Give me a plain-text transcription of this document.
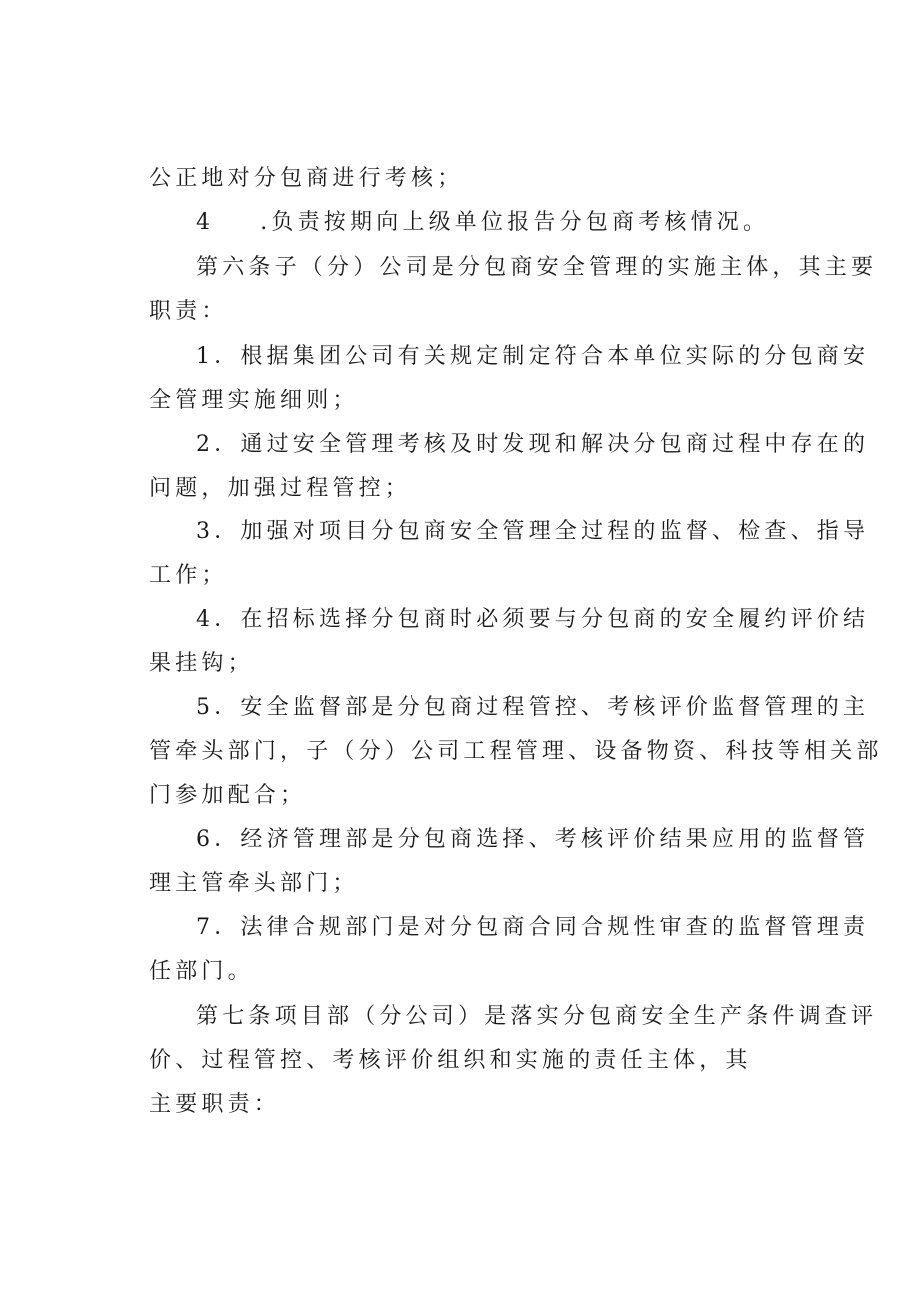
公正地对分包商进行考核；
4 .负责按期向上级单位报告分包商考核情况。
第六条子（分）公司是分包商安全管理的实施主体，其主要
职责：
1．根据集团公司有关规定制定符合本单位实际的分包商安
全管理实施细则；
2．通过安全管理考核及时发现和解决分包商过程中存在的
问题，加强过程管控；
3．加强对项目分包商安全管理全过程的监督、检查、指导
工作；
4．在招标选择分包商时必须要与分包商的安全履约评价结
果挂钩；
5．安全监督部是分包商过程管控、考核评价监督管理的主
管牵头部门，子（分）公司工程管理、设备物资、科技等相关部
门参加配合；
6．经济管理部是分包商选择、考核评价结果应用的监督管
理主管牵头部门；
7．法律合规部门是对分包商合同合规性审查的监督管理责
任部门。
第七条项目部（分公司）是落实分包商安全生产条件调查评
价、过程管控、考核评价组织和实施的责任主体，其
主要职责：
